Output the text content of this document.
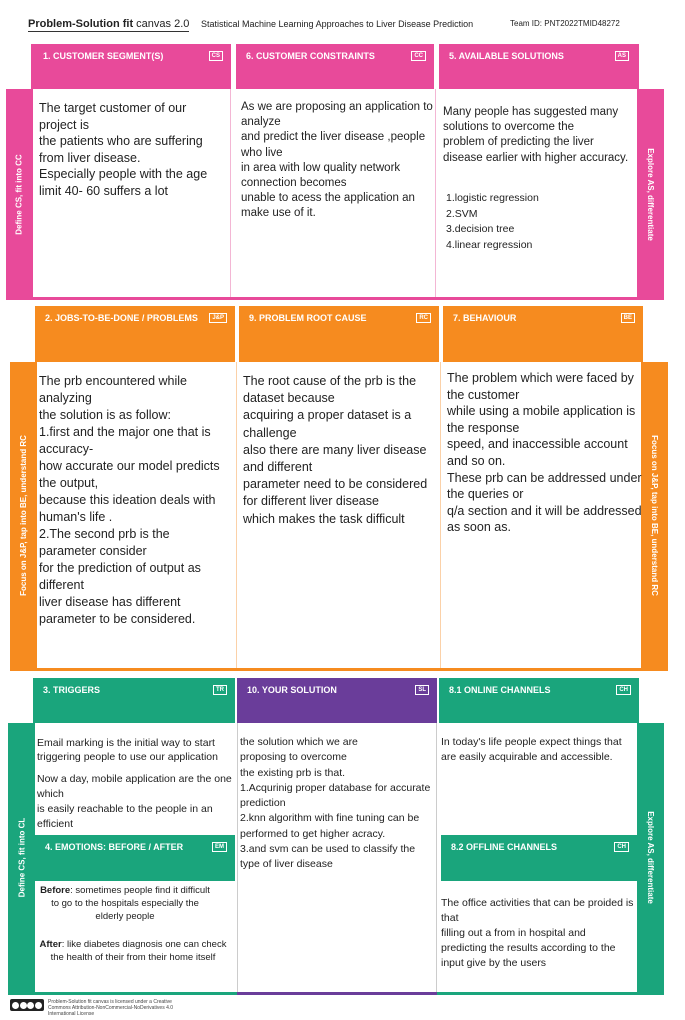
Problem-Solution fit canvas 2.0 Statistical Machine Learning Approaches to Liver Disease Prediction	Team ID: PNT2022TMID48272
Define CS, fit into CC	Explore AS, differentiate
1. CUSTOMER SEGMENT(S)	CS	6. CUSTOMER CONSTRAINTS	CC	5. AVAILABLE SOLUTIONS	AS
The target customer of our project is
the patients who are suffering from liver disease.
Especially people with the age limit 40- 60 suffers a lot
As we are proposing an application to analyze
and predict the liver disease ,people who live
in area with low quality network connection becomes
unable to acess the application an make use of it.
Many people has suggested many solutions to overcome the
problem of predicting the liver disease earlier with higher accuracy.
1.logistic regression
2.SVM
3.decision tree
4.linear regression
Focus on J&P, tap into BE, understand RC	Focus on J&P, tap into BE, understand RC
2. JOBS-TO-BE-DONE / PROBLEMS	J&P	9. PROBLEM ROOT CAUSE	RC	7. BEHAVIOUR	BE
The prb encountered while analyzing
the solution is as follow:
1.first and the major one that is accuracy-
how accurate our model predicts the output,
because this ideation deals with human's life .
2.The second prb is the
parameter consider
for the prediction of output as different
liver disease has different parameter to be considered.
The root cause of the prb is the dataset because
acquiring a proper dataset is a
challenge
also there are many liver disease and different
parameter need to be considered for different liver disease
which makes the task difficult
The problem which were faced by the customer
while using a mobile application is the response
speed, and inaccessible account and so on.
These prb can be addressed under the queries or
q/a section and it will be addressed as soon as.
Define CS, fit into CL	Explore AS, differentiate
3. TRIGGERS	TR	10. YOUR SOLUTION	SL	8.1 ONLINE CHANNELS	CH
Email marking is the initial way to start triggering people to use our application
Now a day, mobile application are the one which
is easily reachable to the people in an efficient
the solution which we are
proposing to overcome
the existing prb is that.
1.Acqurinig proper database for accurate prediction
2.knn algorithm with fine tuning can be performed to get higher acracy.
3.and svm can be used to classify the type of liver disease
In today's life people expect things that are easily acquirable and accessible.
4. EMOTIONS: BEFORE / AFTER	EM	8.2 OFFLINE CHANNELS	CH
Before: sometimes people find it difficult to go to the hospitals especially the elderly people
After: like diabetes diagnosis one can check
the health of their from their home itself
The office activities that can be proided is that
filling out a from in hospital and
predicting the results according to the input give by the users
Problem-Solution fit canvas is licensed under a Creative Commons Attribution-NonCommercial-NoDerivatives 4.0 International License
